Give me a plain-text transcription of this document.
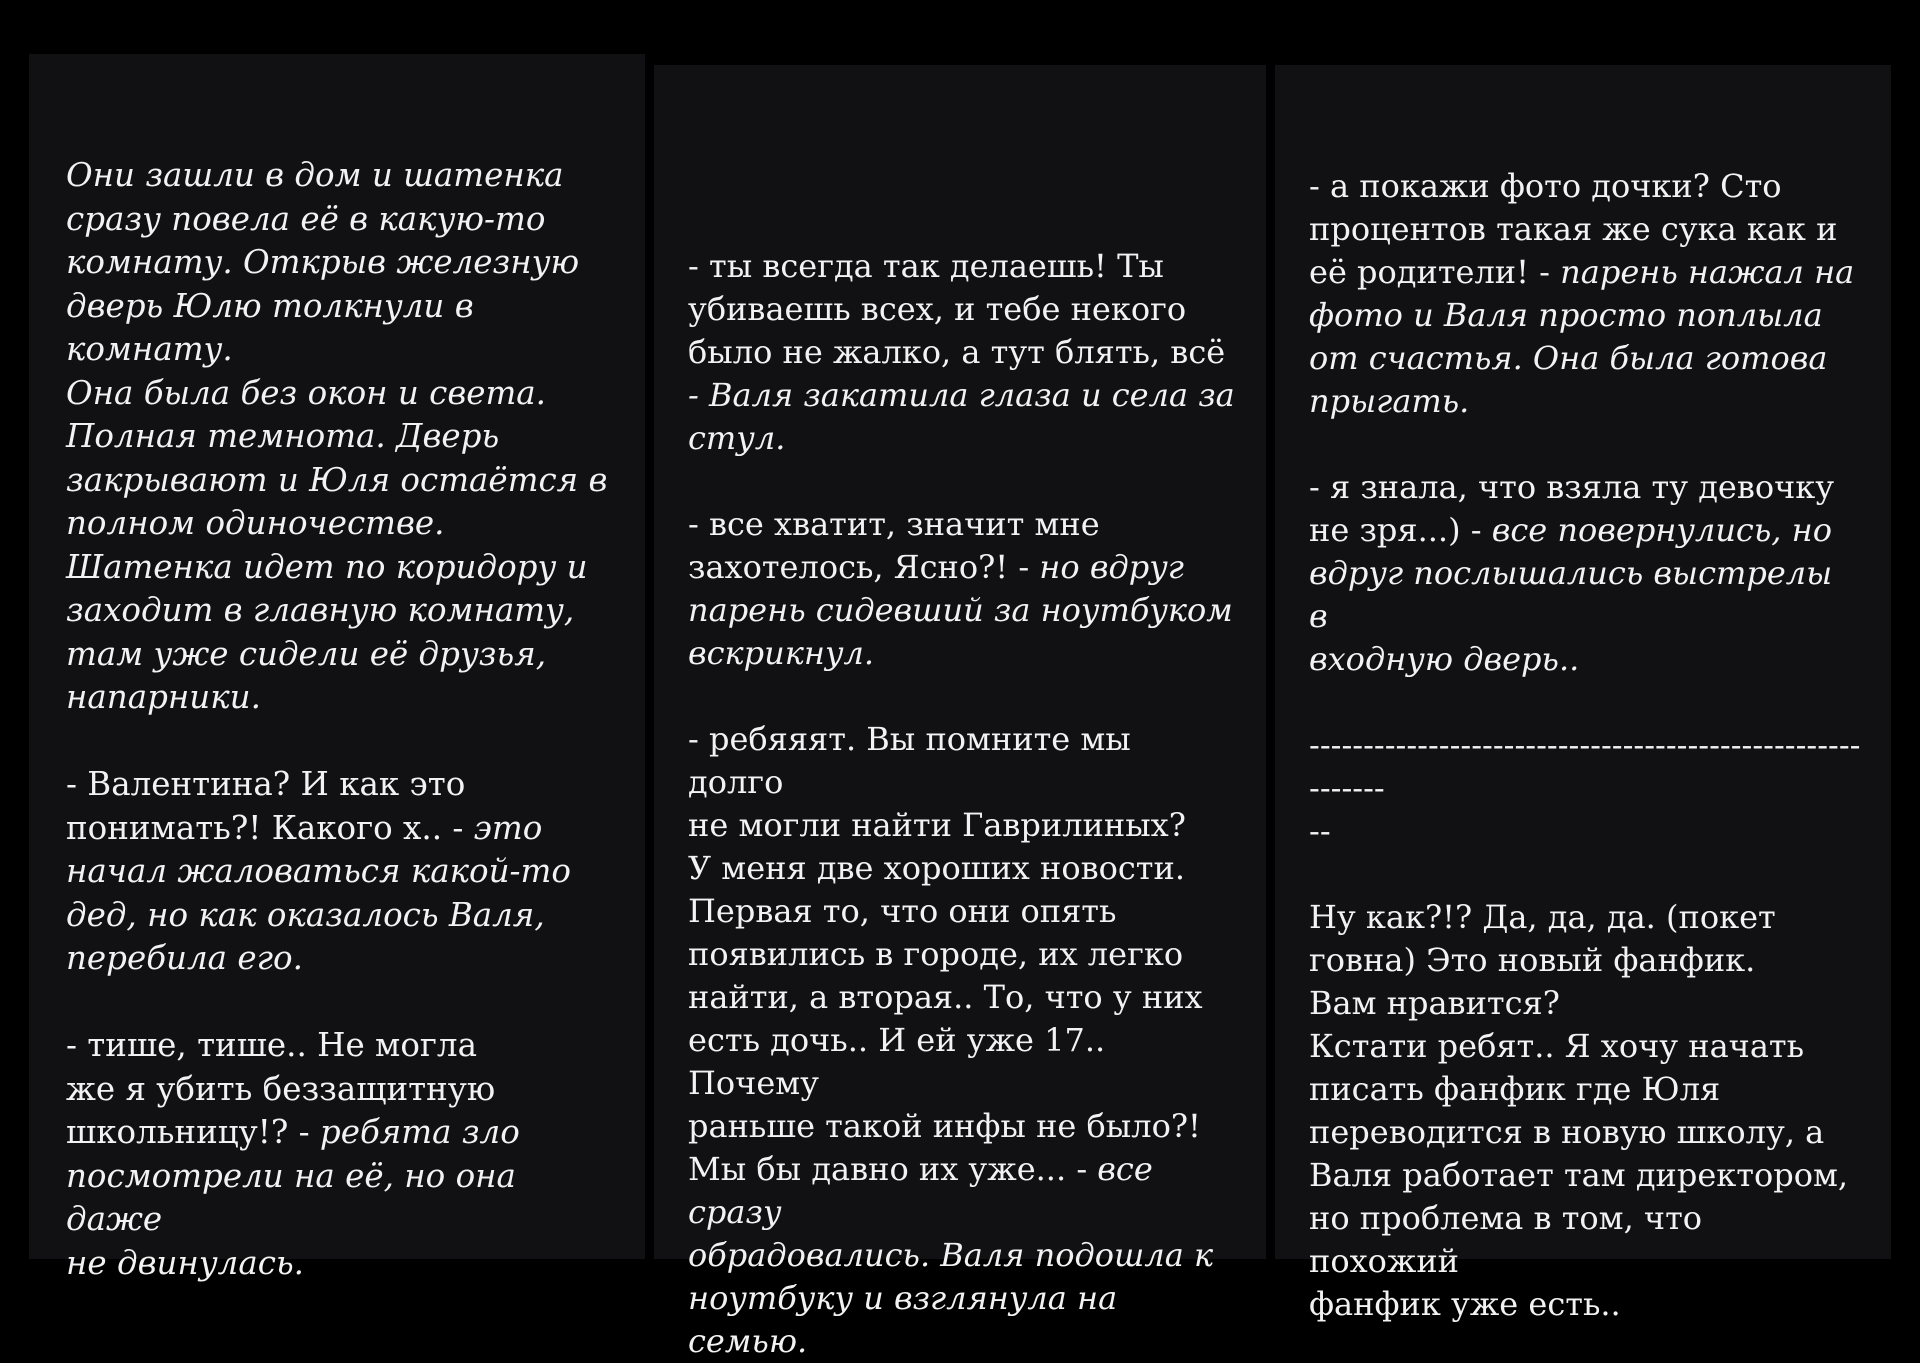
Они зашли в дом и шатенка
сразу повела её в какую-то
комнату. Открыв железную
дверь Юлю толкнули в комнату.
Она была без окон и света.
Полная темнота. Дверь
закрывают и Юля остаётся в
полном одиночестве.
Шатенка идет по коридору и
заходит в главную комнату,
там уже сидели её друзья,
напарники.

- Валентина? И как это
понимать?! Какого х.. - это
начал жаловаться какой-то
дед, но как оказалось Валя,
перебила его.

- тише, тише.. Не могла
же я убить беззащитную
школьницу!? - ребята зло
посмотрели на её, но она даже
не двинулась.
- ты всегда так делаешь! Ты
убиваешь всех, и тебе некого
было не жалко, а тут блять, всё
- Валя закатила глаза и села за
стул.

- все хватит, значит мне
захотелось, Ясно?! - но вдруг
парень сидевший за ноутбуком
вскрикнул.

- ребяяят. Вы помните мы долго
не могли найти Гаврилиных?
У меня две хороших новости.
Первая то, что они опять
появились в городе, их легко
найти, а вторая.. То, что у них
есть дочь.. И ей уже 17.. Почему
раньше такой инфы не было?!
Мы бы давно их уже... - все сразу
обрадовались. Валя подошла к
ноутбуку и взглянула на семью.
- а покажи фото дочки? Сто
процентов такая же сука как и
её родители! - парень нажал на
фото и Валя просто поплыла
от счастья. Она была готова
прыгать.

- я знала, что взяла ту девочку
не зря...) - все повернулись, но
вдруг послышались выстрелы в
входную дверь..

----------------------------------------------------------
--

Ну как?!? Да, да, да. (покет
говна) Это новый фанфик.
Вам нравится?
Кстати ребят.. Я хочу начать
писать фанфик где Юля
переводится в новую школу, а
Валя работает там директором,
но проблема в том, что похожий
фанфик уже есть..
